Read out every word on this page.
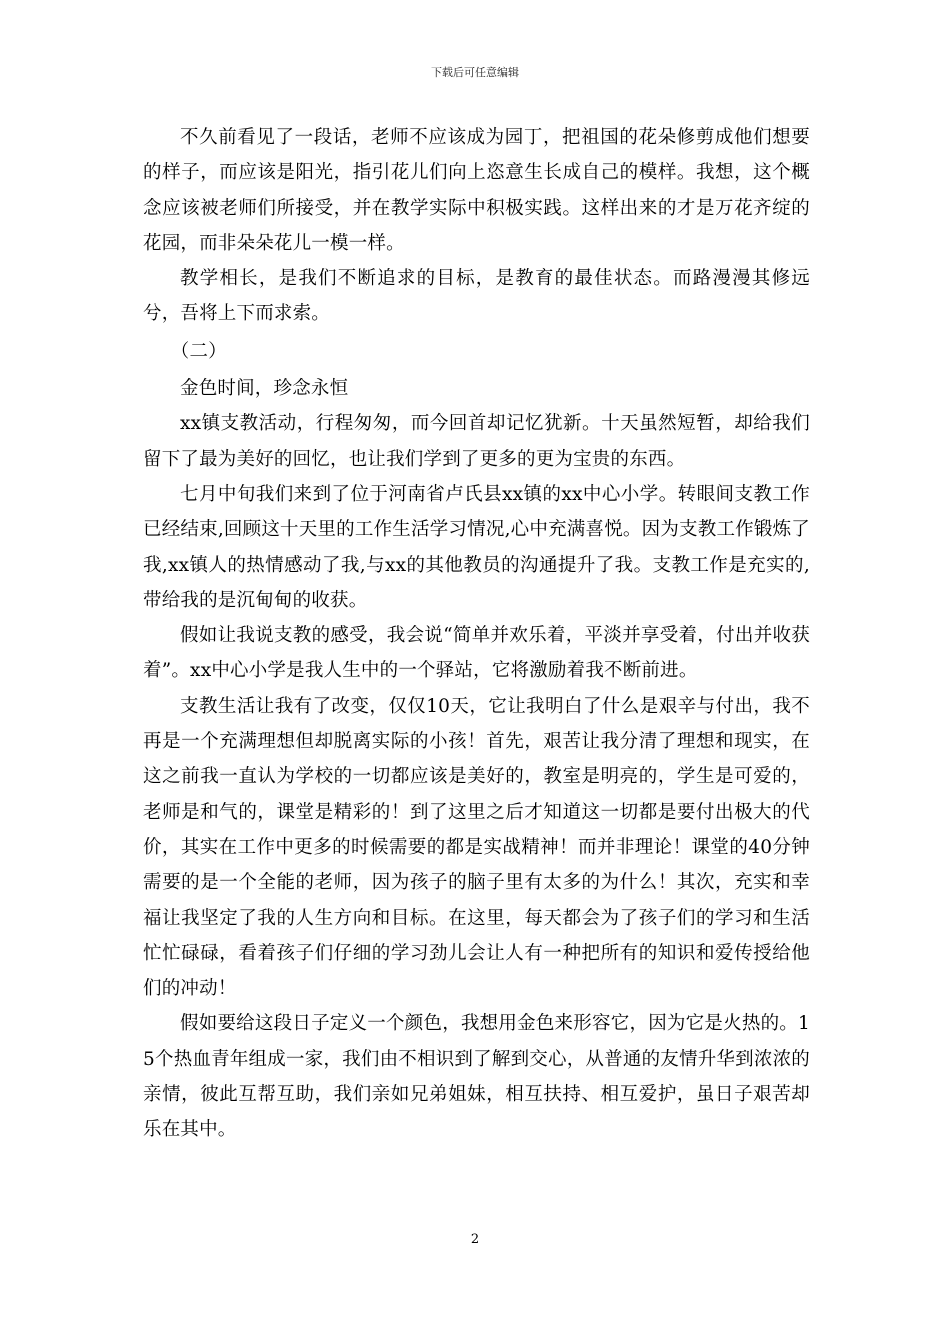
下载后可任意编辑

不久前看见了一段话，老师不应该成为园丁，把祖国的花朵修剪成他们想要的样子，而应该是阳光，指引花儿们向上恣意生长成自己的模样。我想，这个概念应该被老师们所接受，并在教学实际中积极实践。这样出来的才是万花齐绽的花园，而非朵朵花儿一模一样。

教学相长，是我们不断追求的目标，是教育的最佳状态。而路漫漫其修远兮，吾将上下而求索。

（二）

金色时间，珍念永恒

xx镇支教活动，行程匆匆，而今回首却记忆犹新。十天虽然短暂，却给我们留下了最为美好的回忆，也让我们学到了更多的更为宝贵的东西。

七月中旬我们来到了位于河南省卢氏县xx镇的xx中心小学。转眼间支教工作已经结束,回顾这十天里的工作生活学习情况,心中充满喜悦。因为支教工作锻炼了我,xx镇人的热情感动了我,与xx的其他教员的沟通提升了我。支教工作是充实的,带给我的是沉甸甸的收获。

假如让我说支教的感受，我会说“简单并欢乐着，平淡并享受着，付出并收获着”。xx中心小学是我人生中的一个驿站，它将激励着我不断前进。

支教生活让我有了改变，仅仅10天，它让我明白了什么是艰辛与付出，我不再是一个充满理想但却脱离实际的小孩！首先，艰苦让我分清了理想和现实，在这之前我一直认为学校的一切都应该是美好的，教室是明亮的，学生是可爱的，老师是和气的，课堂是精彩的！到了这里之后才知道这一切都是要付出极大的代价，其实在工作中更多的时候需要的都是实战精神！而并非理论！课堂的40分钟需要的是一个全能的老师，因为孩子的脑子里有太多的为什么！其次，充实和幸福让我坚定了我的人生方向和目标。在这里，每天都会为了孩子们的学习和生活忙忙碌碌，看着孩子们仔细的学习劲儿会让人有一种把所有的知识和爱传授给他们的冲动！

假如要给这段日子定义一个颜色，我想用金色来形容它，因为它是火热的。1 5个热血青年组成一家，我们由不相识到了解到交心，从普通的友情升华到浓浓的亲情，彼此互帮互助，我们亲如兄弟姐妹，相互扶持、相互爱护，虽日子艰苦却乐在其中。

2
